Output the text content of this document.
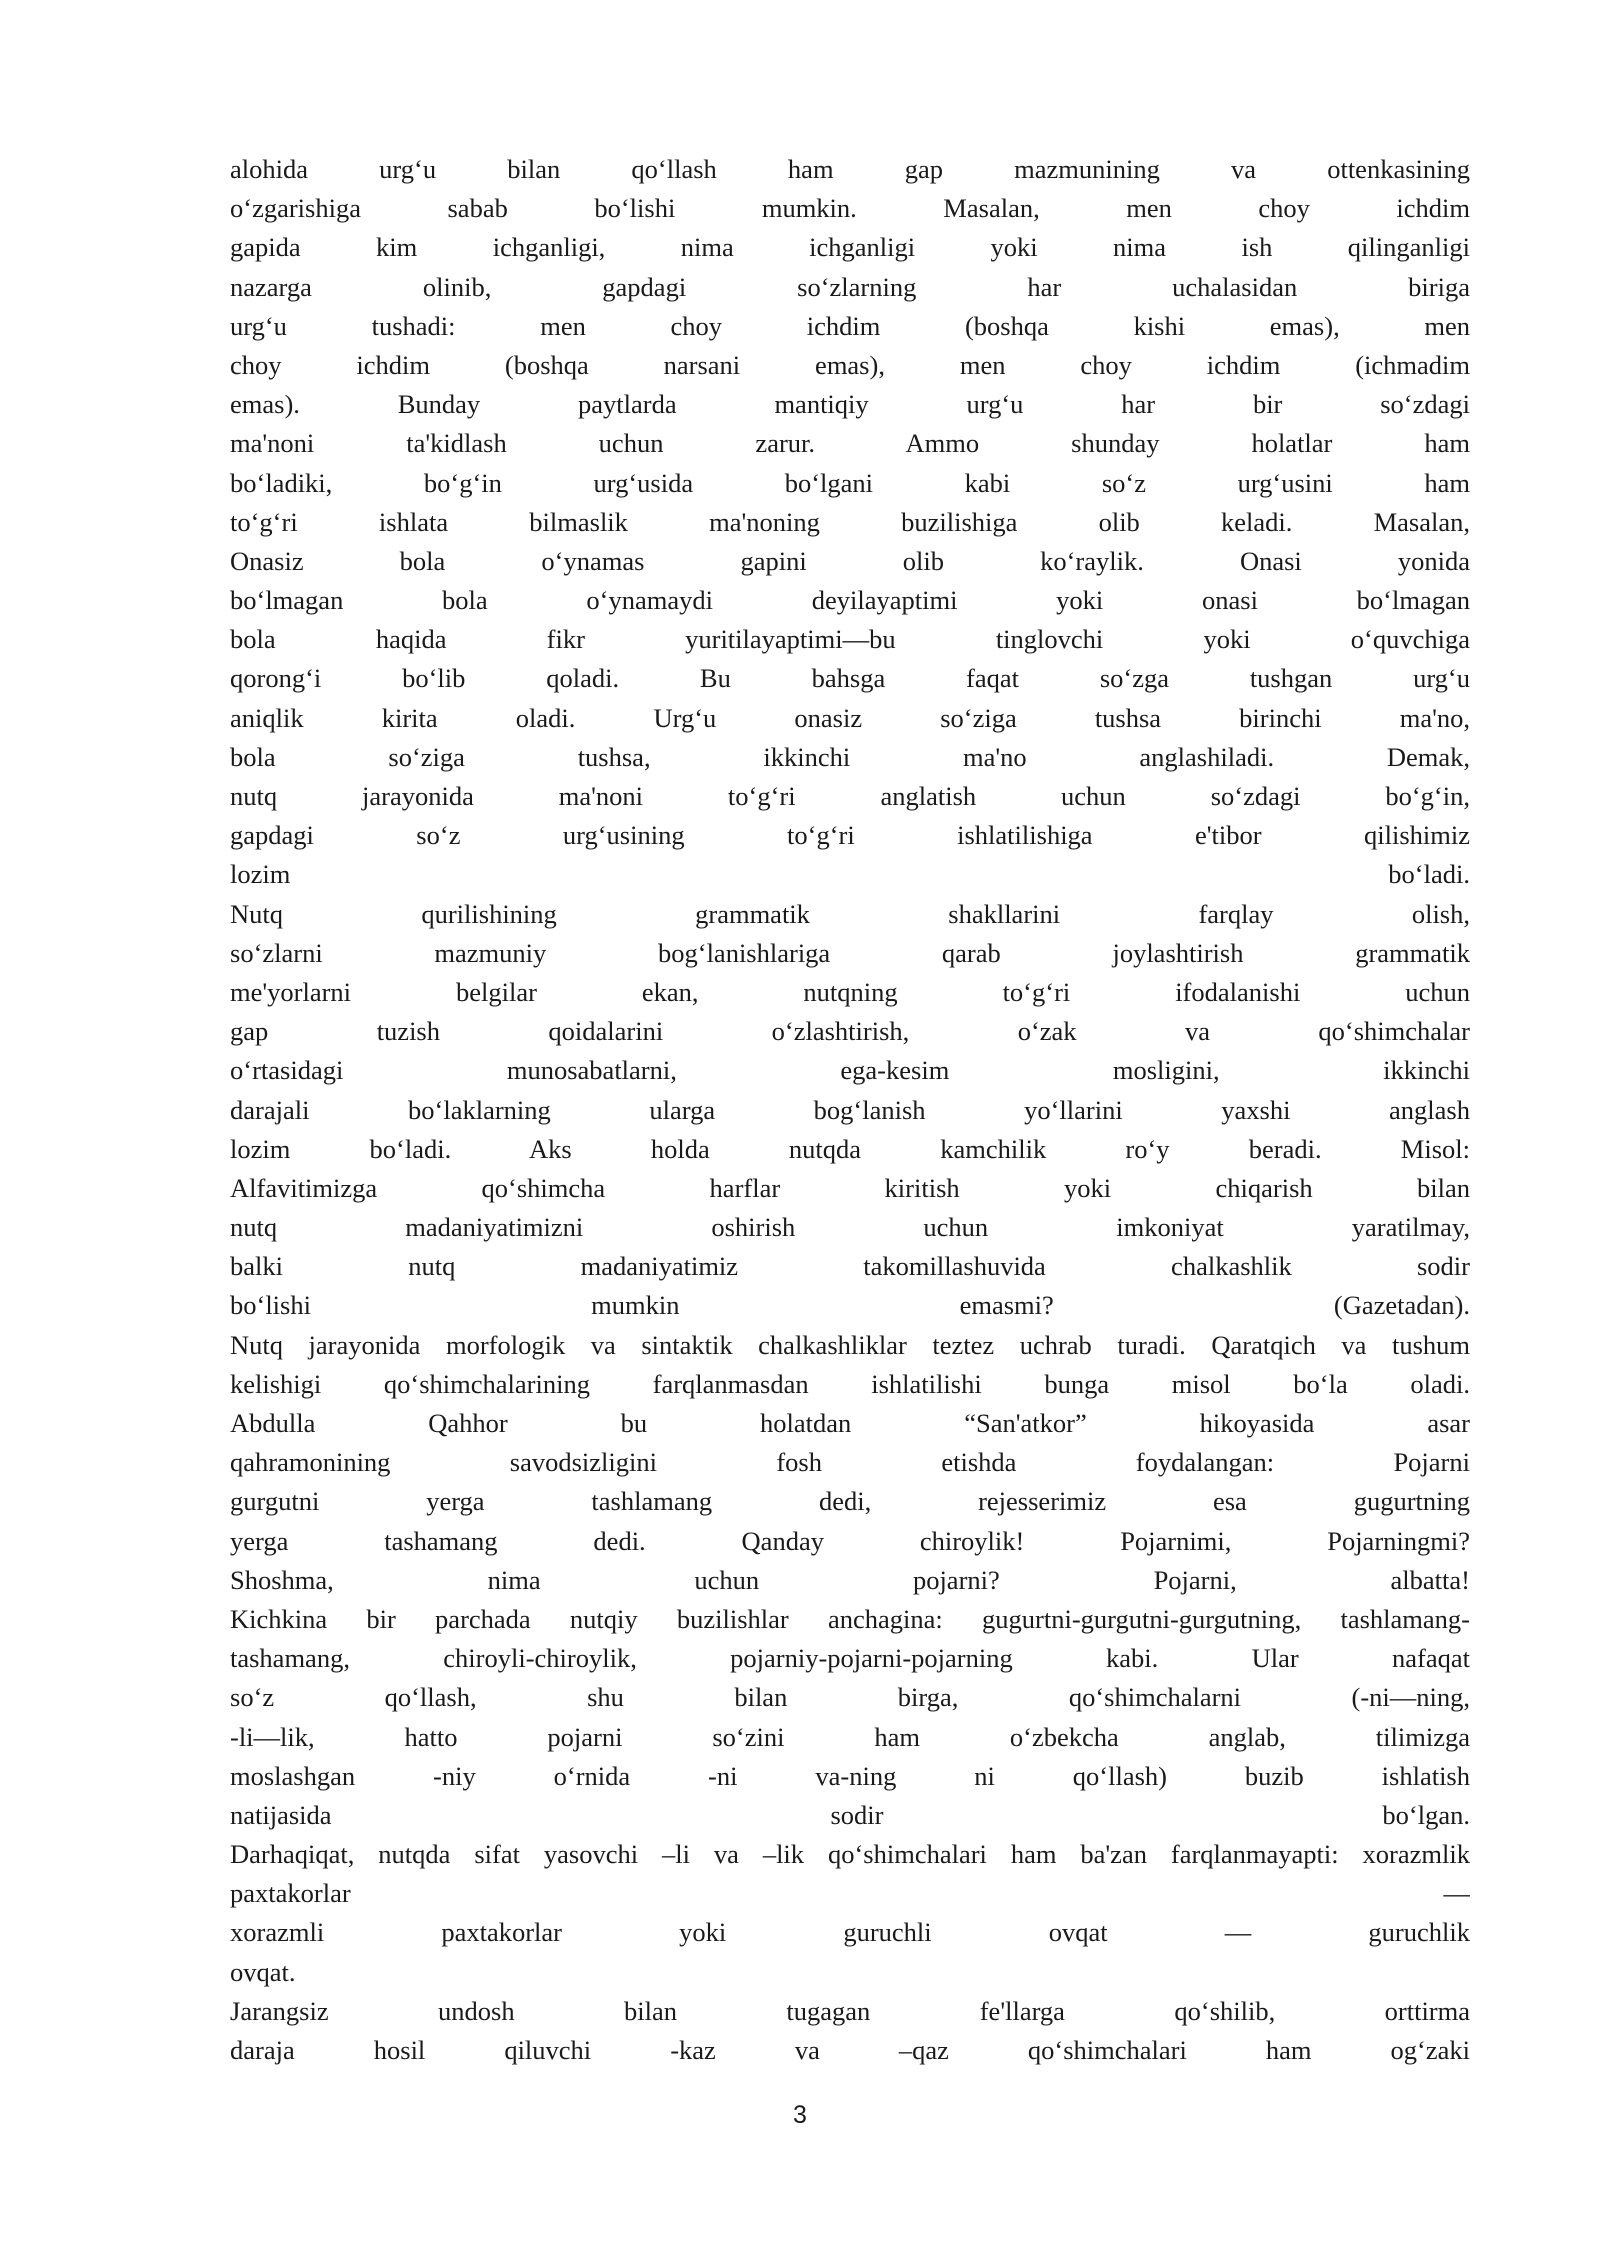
alohida urg‘u bilan qo‘llash ham gap mazmunining va ottenkasining
o‘zgarishiga sabab bo‘lishi mumkin. Masalan, men choy ichdim
gapida kim ichganligi, nima ichganligi yoki nima ish qilinganligi
nazarga olinib, gapdagi so‘zlarning har uchalasidan biriga
urg‘u tushadi: men choy ichdim (boshqa kishi emas), men
choy ichdim (boshqa narsani emas), men choy ichdim (ichmadim
emas). Bunday paytlarda mantiqiy urg‘u har bir so‘zdagi
ma'noni ta'kidlash uchun zarur. Ammo shunday holatlar ham
bo‘ladiki, bo‘g‘in urg‘usida bo‘lgani kabi so‘z urg‘usini ham
to‘g‘ri ishlata bilmaslik ma'noning buzilishiga olib keladi. Masalan,
Onasiz bola o‘ynamas gapini olib ko‘raylik. Onasi yonida
bo‘lmagan bola o‘ynamaydi deyilayaptimi yoki onasi bo‘lmagan
bola haqida fikr yuritilayaptimi—bu tinglovchi yoki o‘quvchiga
qorong‘i bo‘lib qoladi. Bu bahsga faqat so‘zga tushgan urg‘u
aniqlik kirita oladi. Urg‘u onasiz so‘ziga tushsa birinchi ma'no,
bola so‘ziga tushsa, ikkinchi ma'no anglashiladi. Demak,
nutq jarayonida ma'noni to‘g‘ri anglatish uchun so‘zdagi bo‘g‘in,
gapdagi so‘z urg‘usining to‘g‘ri ishlatilishiga e'tibor qilishimiz
lozim bo‘ladi.
Nutq qurilishining grammatik shakllarini farqlay olish,
so‘zlarni mazmuniy bog‘lanishlariga qarab joylashtirish grammatik
me'yorlarni belgilar ekan, nutqning to‘g‘ri ifodalanishi uchun
gap tuzish qoidalarini o‘zlashtirish, o‘zak va qo‘shimchalar
o‘rtasidagi munosabatlarni, ega-kesim mosligini, ikkinchi
darajali bo‘laklarning ularga bog‘lanish yo‘llarini yaxshi anglash
lozim bo‘ladi. Aks holda nutqda kamchilik ro‘y beradi. Misol:
Alfavitimizga qo‘shimcha harflar kiritish yoki chiqarish bilan
nutq madaniyatimizni oshirish uchun imkoniyat yaratilmay,
balki nutq madaniyatimiz takomillashuvida chalkashlik sodir
bo‘lishi mumkin emasmi? (Gazetadan).
Nutq jarayonida morfologik va sintaktik chalkashliklar teztez uchrab turadi. Qaratqich va tushum
kelishigi qo‘shimchalarining farqlanmasdan ishlatilishi bunga misol bo‘la oladi.
Abdulla Qahhor bu holatdan “San'atkor” hikoyasida asar
qahramonining savodsizligini fosh etishda foydalangan: Pojarni
gurgutni yerga tashlamang dedi, rejesserimiz esa gugurtning
yerga tashamang dedi. Qanday chiroylik! Pojarnimi, Pojarningmi?
Shoshma, nima uchun pojarni? Pojarni, albatta!
Kichkina bir parchada nutqiy buzilishlar anchagina: gugurtni-gurgutni-gurgutning, tashlamang-
tashamang, chiroyli-chiroylik, pojarniy-pojarni-pojarning kabi. Ular nafaqat
so‘z qo‘llash, shu bilan birga, qo‘shimchalarni (-ni—ning,
-li—lik, hatto pojarni so‘zini ham o‘zbekcha anglab, tilimizga
moslashgan -niy o‘rnida -ni va-ning ni qo‘llash) buzib ishlatish
natijasida sodir bo‘lgan.
Darhaqiqat, nutqda sifat yasovchi –li va –lik qo‘shimchalari ham ba'zan farqlanmayapti: xorazmlik
paxtakorlar —
xorazmli paxtakorlar yoki guruchli ovqat — guruchlik
ovqat.
Jarangsiz undosh bilan tugagan fe'llarga qo‘shilib, orttirma
daraja hosil qiluvchi -kaz va –qaz qo‘shimchalari ham og‘zaki
3
